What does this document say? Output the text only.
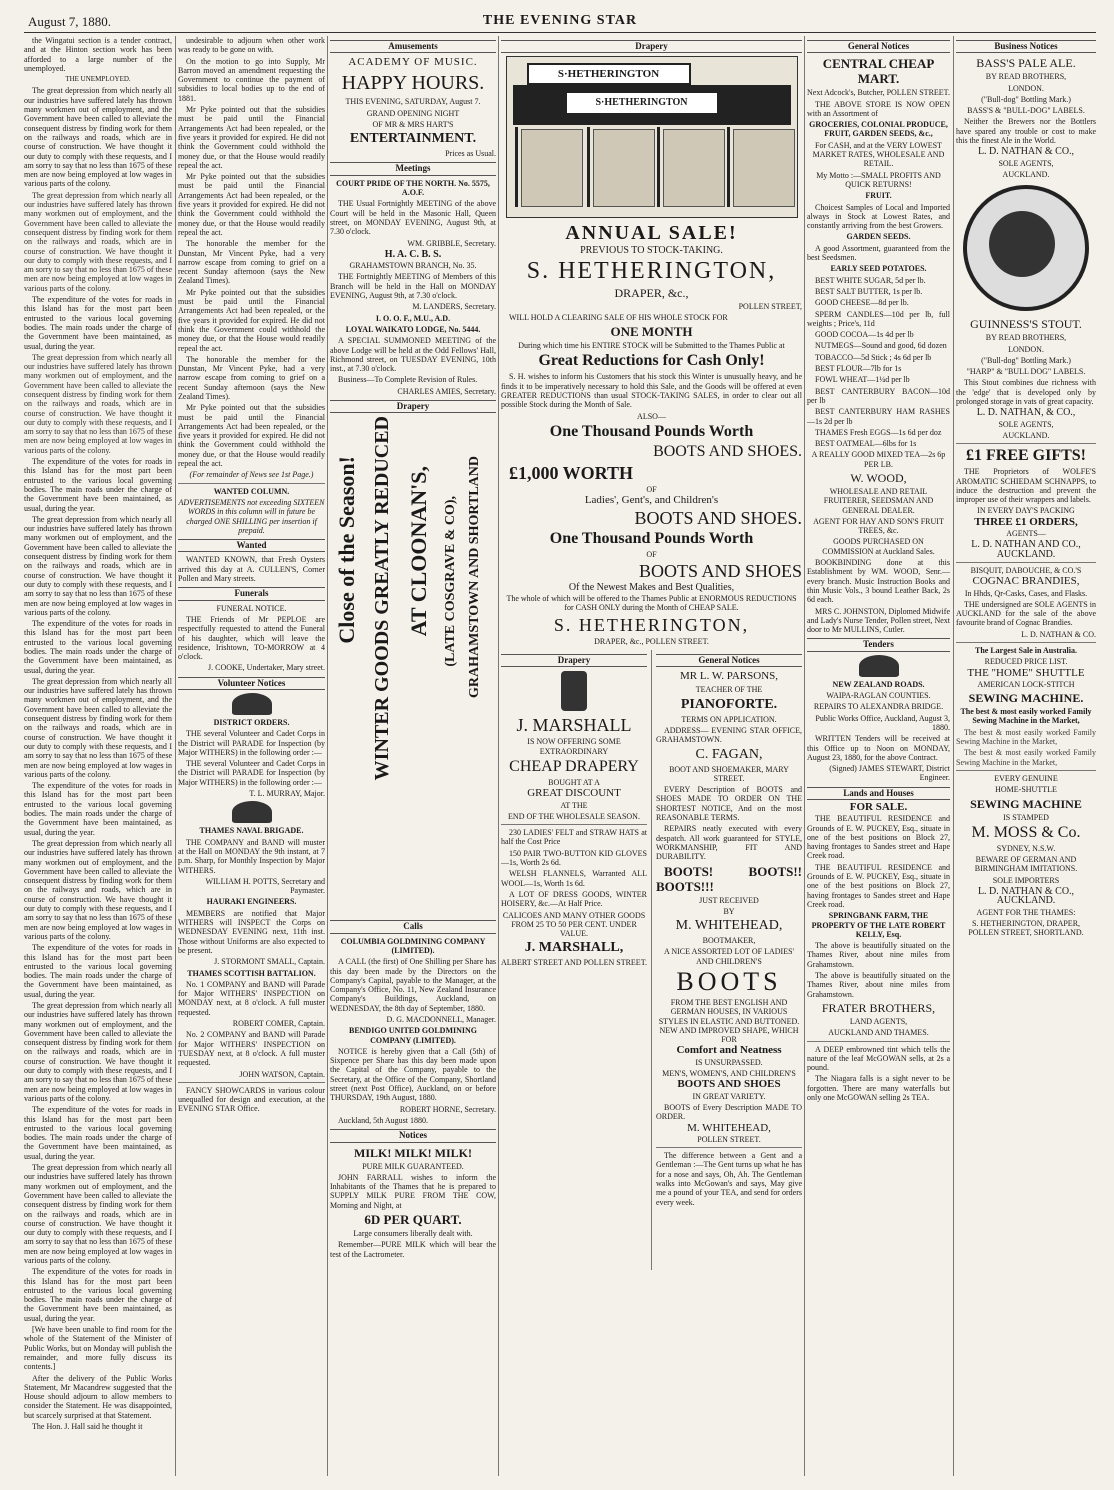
August 7, 1880.	THE EVENING STAR

the Wingatui section is a tender contract, and at the Hinton section work has been afforded to a large number of the unemployed.

THE UNEMPLOYED.

The great depression from which nearly all our industries have suffered lately has thrown many workmen out of employment, and the Government have been called to alleviate the consequent distress by finding work for them on the railways and roads, which are in course of construction. We have thought it our duty to comply with these requests, and I am sorry to say that no less than 1675 of these men are now being employed at low wages in various parts of the colony.

The great depression from which nearly all our industries have suffered lately has thrown many workmen out of employment, and the Government have been called to alleviate the consequent distress by finding work for them on the railways and roads, which are in course of construction. We have thought it our duty to comply with these requests, and I am sorry to say that no less than 1675 of these men are now being employed at low wages in various parts of the colony.

The expenditure of the votes for roads in this Island has for the most part been entrusted to the various local governing bodies. The main roads under the charge of the Government have been maintained, as usual, during the year.

The great depression from which nearly all our industries have suffered lately has thrown many workmen out of employment, and the Government have been called to alleviate the consequent distress by finding work for them on the railways and roads, which are in course of construction. We have thought it our duty to comply with these requests, and I am sorry to say that no less than 1675 of these men are now being employed at low wages in various parts of the colony.

The expenditure of the votes for roads in this Island has for the most part been entrusted to the various local governing bodies. The main roads under the charge of the Government have been maintained, as usual, during the year.

The great depression from which nearly all our industries have suffered lately has thrown many workmen out of employment, and the Government have been called to alleviate the consequent distress by finding work for them on the railways and roads, which are in course of construction. We have thought it our duty to comply with these requests, and I am sorry to say that no less than 1675 of these men are now being employed at low wages in various parts of the colony.

The expenditure of the votes for roads in this Island has for the most part been entrusted to the various local governing bodies. The main roads under the charge of the Government have been maintained, as usual, during the year.

The great depression from which nearly all our industries have suffered lately has thrown many workmen out of employment, and the Government have been called to alleviate the consequent distress by finding work for them on the railways and roads, which are in course of construction. We have thought it our duty to comply with these requests, and I am sorry to say that no less than 1675 of these men are now being employed at low wages in various parts of the colony.

The expenditure of the votes for roads in this Island has for the most part been entrusted to the various local governing bodies. The main roads under the charge of the Government have been maintained, as usual, during the year.

The great depression from which nearly all our industries have suffered lately has thrown many workmen out of employment, and the Government have been called to alleviate the consequent distress by finding work for them on the railways and roads, which are in course of construction. We have thought it our duty to comply with these requests, and I am sorry to say that no less than 1675 of these men are now being employed at low wages in various parts of the colony.

The expenditure of the votes for roads in this Island has for the most part been entrusted to the various local governing bodies. The main roads under the charge of the Government have been maintained, as usual, during the year.

The great depression from which nearly all our industries have suffered lately has thrown many workmen out of employment, and the Government have been called to alleviate the consequent distress by finding work for them on the railways and roads, which are in course of construction. We have thought it our duty to comply with these requests, and I am sorry to say that no less than 1675 of these men are now being employed at low wages in various parts of the colony.

The expenditure of the votes for roads in this Island has for the most part been entrusted to the various local governing bodies. The main roads under the charge of the Government have been maintained, as usual, during the year.

The great depression from which nearly all our industries have suffered lately has thrown many workmen out of employment, and the Government have been called to alleviate the consequent distress by finding work for them on the railways and roads, which are in course of construction. We have thought it our duty to comply with these requests, and I am sorry to say that no less than 1675 of these men are now being employed at low wages in various parts of the colony.

The expenditure of the votes for roads in this Island has for the most part been entrusted to the various local governing bodies. The main roads under the charge of the Government have been maintained, as usual, during the year.

[We have been unable to find room for the whole of the Statement of the Minister of Public Works, but on Monday will publish the remainder, and more fully discuss its contents.]

After the delivery of the Public Works Statement, Mr Macandrew suggested that the House should adjourn to allow members to consider the Statement. He was disappointed, but scarcely surprised at that Statement.

The Hon. J. Hall said he thought it

undesirable to adjourn when other work was ready to be gone on with.

On the motion to go into Supply, Mr Barron moved an amendment requesting the Government to continue the payment of subsidies to local bodies up to the end of 1881.

Mr Pyke pointed out that the subsidies must be paid until the Financial Arrangements Act had been repealed, or the five years it provided for expired. He did not think the Government could withhold the money due, or that the House would readily repeal the act.

Mr Pyke pointed out that the subsidies must be paid until the Financial Arrangements Act had been repealed, or the five years it provided for expired. He did not think the Government could withhold the money due, or that the House would readily repeal the act.

The honorable the member for the Dunstan, Mr Vincent Pyke, had a very narrow escape from coming to grief on a recent Sunday afternoon (says the New Zealand Times).

Mr Pyke pointed out that the subsidies must be paid until the Financial Arrangements Act had been repealed, or the five years it provided for expired. He did not think the Government could withhold the money due, or that the House would readily repeal the act.

The honorable the member for the Dunstan, Mr Vincent Pyke, had a very narrow escape from coming to grief on a recent Sunday afternoon (says the New Zealand Times).

Mr Pyke pointed out that the subsidies must be paid until the Financial Arrangements Act had been repealed, or the five years it provided for expired. He did not think the Government could withhold the money due, or that the House would readily repeal the act.

(For remainder of News see 1st Page.)

WANTED COLUMN.

ADVERTISEMENTS not exceeding SIXTEEN WORDS in this column will in future be charged ONE SHILLING per insertion if prepaid.

Wanted

WANTED KNOWN, that Fresh Oysters arrived this day at A. CULLEN'S, Corner Pollen and Mary streets.

Funerals

FUNERAL NOTICE.

THE Friends of Mr PEPLOE are respectfully requested to attend the Funeral of his daughter, which will leave the residence, Irishtown, TO-MORROW at 4 o'clock.

J. COOKE, Undertaker, Mary street.

Volunteer Notices

DISTRICT ORDERS.

THE several Volunteer and Cadet Corps in the District will PARADE for Inspection (by Major WITHERS) in the following order :—

THE several Volunteer and Cadet Corps in the District will PARADE for Inspection (by Major WITHERS) in the following order :—

T. L. MURRAY, Major.

THAMES NAVAL BRIGADE.

THE COMPANY and BAND will muster at the Hall on MONDAY the 9th instant, at 7 p.m. Sharp, for Monthly Inspection by Major WITHERS.

WILLIAM H. POTTS, Secretary and Paymaster.

HAURAKI ENGINEERS.

MEMBERS are notified that Major WITHERS will INSPECT the Corps on WEDNESDAY EVENING next, 11th inst. Those without Uniforms are also expected to be present.

J. STORMONT SMALL, Captain.

THAMES SCOTTISH BATTALION.

No. 1 COMPANY and BAND will Parade for Major WITHERS' INSPECTION on MONDAY next, at 8 o'clock. A full muster requested.

ROBERT COMER, Captain.

No. 2 COMPANY and BAND will Parade for Major WITHERS' INSPECTION on TUESDAY next, at 8 o'clock. A full muster requested.

JOHN WATSON, Captain.

FANCY SHOWCARDS in various colour unequalled for design and execution, at the EVENING STAR Office.

Amusements

ACADEMY OF MUSIC.

HAPPY HOURS.

THIS EVENING, SATURDAY, August 7.

GRAND OPENING NIGHT

OF MR & MRS HART'S

ENTERTAINMENT.

Prices as Usual.

Meetings

COURT PRIDE OF THE NORTH. No. 5575, A.O.F.

THE Usual Fortnightly MEETING of the above Court will be held in the Masonic Hall, Queen street, on MONDAY EVENING, August 9th, at 7.30 o'clock.

WM. GRIBBLE, Secretary.

H. A. C. B. S.

GRAHAMSTOWN BRANCH, No. 35.

THE Fortnightly MEETING of Members of this Branch will be held in the Hall on MONDAY EVENING, August 9th, at 7.30 o'clock.

M. LANDERS, Secretary.

I. O. O. F., M.U., A.D.

LOYAL WAIKATO LODGE, No. 5444.

A SPECIAL SUMMONED MEETING of the above Lodge will be held at the Odd Fellows' Hall, Richmond street, on TUESDAY EVENING, 10th inst., at 7.30 o'clock.

Business—To Complete Revision of Rules.

CHARLES AMIES, Secretary.

Drapery
Close of the Season! WINTER GOODS GREATLY REDUCED AT CLOONAN'S, (LATE COSGRAVE & CO), GRAHAMSTOWN AND SHORTLAND
Calls

COLUMBIA GOLDMINING COMPANY (LIMITED).

A CALL (the first) of One Shilling per Share has this day been made by the Directors on the Company's Capital, payable to the Manager, at the Company's Office, No. 11, New Zealand Insurance Company's Buildings, Auckland, on WEDNESDAY, the 8th day of September, 1880.

D. G. MACDONNELL, Manager.

BENDIGO UNITED GOLDMINING COMPANY (LIMITED).

NOTICE is hereby given that a Call (5th) of Sixpence per Share has this day been made upon the Capital of the Company, payable to the Secretary, at the Office of the Company, Shortland street (next Post Office), Auckland, on or before THURSDAY, 19th August, 1880.

ROBERT HORNE, Secretary.

Auckland, 5th August 1880.

Notices

MILK! MILK! MILK!

PURE MILK GUARANTEED.

JOHN FARRALL wishes to inform the Inhabitants of the Thames that he is prepared to SUPPLY MILK PURE FROM THE COW, Morning and Night, at

6D PER QUART.

Large consumers liberally dealt with.

Remember—PURE MILK which will bear the test of the Lactrometer.

Drapery
S·HETHERINGTON
S·HETHERINGTON

ANNUAL SALE!

PREVIOUS TO STOCK-TAKING.

S. HETHERINGTON,

DRAPER, &c.,

POLLEN STREET,

WILL HOLD A CLEARING SALE OF HIS WHOLE STOCK FOR

ONE MONTH

During which time his ENTIRE STOCK will be Submitted to the Thames Public at

Great Reductions for Cash Only!

S. H. wishes to inform his Customers that his stock this Winter is unusually heavy, and he finds it to be imperatively necessary to hold this Sale, and the Goods will be offered at even GREATER REDUCTIONS than usual STOCK-TAKING SALES, in order to clear out all possible Stock during the Month of Sale.

ALSO—

One Thousand Pounds Worth

BOOTS AND SHOES.

£1,000 WORTH

OF

Ladies', Gent's, and Children's

BOOTS AND SHOES.

One Thousand Pounds Worth

OF

BOOTS AND SHOES

Of the Newest Makes and Best Qualities,

The whole of which will be offered to the Thames Public at ENORMOUS REDUCTIONS for CASH ONLY during the Month of CHEAP SALE.

S. HETHERINGTON,

DRAPER, &c., POLLEN STREET.

Drapery

J. MARSHALL

IS NOW OFFERING SOME EXTRAORDINARY

CHEAP DRAPERY

BOUGHT AT A

GREAT DISCOUNT

AT THE

END OF THE WHOLESALE SEASON.

230 LADIES' FELT and STRAW HATS at half the Cost Price

150 PAIR TWO-BUTTON KID GLOVES—1s, Worth 2s 6d.

WELSH FLANNELS, Warranted ALL WOOL—1s, Worth 1s 6d.

A LOT OF DRESS GOODS, WINTER HOISERY, &c.—At Half Price.

CALICOES AND MANY OTHER GOODS FROM 25 TO 50 PER CENT. UNDER VALUE.

J. MARSHALL,

ALBERT STREET AND POLLEN STREET.

General Notices

MR L. W. PARSONS,

TEACHER OF THE

PIANOFORTE.

TERMS ON APPLICATION.

ADDRESS— EVENING STAR OFFICE, GRAHAMSTOWN.

C. FAGAN,

BOOT AND SHOEMAKER, MARY STREET.

EVERY Description of BOOTS and SHOES MADE TO ORDER ON THE SHORTEST NOTICE, And on the most REASONABLE TERMS.

REPAIRS neatly executed with every despatch. All work guaranteed for STYLE, WORKMANSHIP, FIT AND DURABILITY.

BOOTS! BOOTS!! BOOTS!!!

JUST RECEIVED

BY

M. WHITEHEAD,

BOOTMAKER,

A NICE ASSORTED LOT OF LADIES' AND CHILDREN'S

BOOTS

FROM THE BEST ENGLISH AND GERMAN HOUSES, IN VARIOUS STYLES IN ELASTIC AND BUTTONED. NEW AND IMPROVED SHAPE, WHICH FOR

Comfort and Neatness

IS UNSURPASSED.

MEN'S, WOMEN'S, AND CHILDREN'S

BOOTS AND SHOES

IN GREAT VARIETY.

BOOTS of Every Description MADE TO ORDER.

M. WHITEHEAD,

POLLEN STREET.

The difference between a Gent and a Gentleman :—The Gent turns up what he has for a nose and says, Oh, Ah. The Gentleman walks into McGowan's and says, May give me a pound of your TEA, and send for orders every week.

General Notices

CENTRAL CHEAP MART.

Next Adcock's, Butcher, POLLEN STREET.

THE ABOVE STORE IS NOW OPEN with an Assortment of

GROCERIES, COLONIAL PRODUCE, FRUIT, GARDEN SEEDS, &c.,

For CASH, and at the VERY LOWEST MARKET RATES, WHOLESALE AND RETAIL.

My Motto :—SMALL PROFITS AND QUICK RETURNS!

FRUIT.

Choicest Samples of Local and Imported always in Stock at Lowest Rates, and constantly arriving from the best Growers.

GARDEN SEEDS.

A good Assortment, guaranteed from the best Seedsmen.

EARLY SEED POTATOES.

BEST WHITE SUGAR, 5d per lb.

BEST SALT BUTTER, 1s per lb.

GOOD CHEESE—8d per lb.

SPERM CANDLES—10d per lb, full weights ; Price's, 11d

GOOD COCOA—1s 4d per lb

NUTMEGS—Sound and good, 6d dozen

TOBACCO—5d Stick ; 4s 6d per lb

BEST FLOUR—7lb for 1s

FOWL WHEAT—1¼d per lb

BEST CANTERBURY BACON—10d per lb

BEST CANTERBURY HAM RASHES—1s 2d per lb

THAMES Fresh EGGS—1s 6d per doz

BEST OATMEAL—6lbs for 1s

A REALLY GOOD MIXED TEA—2s 6p PER LB.

W. WOOD,

WHOLESALE AND RETAIL FRUITERER, SEEDSMAN AND GENERAL DEALER.

AGENT FOR HAY AND SON'S FRUIT TREES, &c.

GOODS PURCHASED ON COMMISSION at Auckland Sales.

BOOKBINDING done at this Establishment by WM. WOOD, Senr.—every branch. Music Instruction Books and thin Music Vols., 3 bound Leather Back, 2s 6d each.

MRS C. JOHNSTON, Diplomed Midwife and Lady's Nurse Tender, Pollen street, Next door to Mr MULLINS, Cutler.

Tenders

NEW ZEALAND ROADS.

WAIPA-RAGLAN COUNTIES.

REPAIRS TO ALEXANDRA BRIDGE.

Public Works Office, Auckland, August 3, 1880.

WRITTEN Tenders will be received at this Office up to Noon on MONDAY, August 23, 1880, for the above Contract.

(Signed) JAMES STEWART, District Engineer.

Lands and Houses

FOR SALE.

THE BEAUTIFUL RESIDENCE and Grounds of E. W. PUCKEY, Esq., situate in one of the best positions on Block 27, having frontages to Sandes street and Hape Creek road.

THE BEAUTIFUL RESIDENCE and Grounds of E. W. PUCKEY, Esq., situate in one of the best positions on Block 27, having frontages to Sandes street and Hape Creek road.

SPRINGBANK FARM, THE PROPERTY OF THE LATE ROBERT KELLY, Esq.

The above is beautifully situated on the Thames River, about nine miles from Grahamstown.

The above is beautifully situated on the Thames River, about nine miles from Grahamstown.

FRATER BROTHERS,

LAND AGENTS,

AUCKLAND AND THAMES.

A DEEP embrowned tint which tells the nature of the leaf McGOWAN sells, at 2s a pound.

The Niagara falls is a sight never to be forgotten. There are many waterfalls but only one McGOWAN selling 2s TEA.

Business Notices

BASS'S PALE ALE.

BY READ BROTHERS,

LONDON.

("Bull-dog" Bottling Mark.)

BASS'S & "BULL-DOG" LABELS.

Neither the Brewers nor the Bottlers have spared any trouble or cost to make this the finest Ale in the World.

L. D. NATHAN & CO.,

SOLE AGENTS,

AUCKLAND.

GUINNESS'S STOUT.

BY READ BROTHERS,

LONDON.

("Bull-dog" Bottling Mark.)

"HARP" & "BULL DOG" LABELS.

This Stout combines due richness with the 'edge' that is developed only by prolonged storage in vats of great capacity.

L. D. NATHAN, & CO.,

SOLE AGENTS,

AUCKLAND.

£1 FREE GIFTS!

THE Proprietors of WOLFE'S AROMATIC SCHIEDAM SCHNAPPS, to induce the destruction and prevent the improper use of their wrappers and labels.

IN EVERY DAY'S PACKING

THREE £1 ORDERS,

AGENTS—

L. D. NATHAN AND CO., AUCKLAND.

BISQUIT, DABOUCHE, & CO.'S

COGNAC BRANDIES,

In Hhds, Qr-Casks, Cases, and Flasks.

THE undersigned are SOLE AGENTS in AUCKLAND for the sale of the above favourite brand of Cognac Brandies.

L. D. NATHAN & CO.

The Largest Sale in Australia.

REDUCED PRICE LIST.

THE "HOME" SHUTTLE

AMERICAN LOCK-STITCH

SEWING MACHINE.

The best & most easily worked Family Sewing Machine in the Market,

The best & most easily worked Family Sewing Machine in the Market,

The best & most easily worked Family Sewing Machine in the Market,

EVERY GENUINE

HOME-SHUTTLE

SEWING MACHINE

IS STAMPED

M. MOSS & Co.

SYDNEY, N.S.W.

BEWARE OF GERMAN AND BIRMINGHAM IMITATIONS.

SOLE IMPORTERS

L. D. NATHAN & CO., AUCKLAND.

AGENT FOR THE THAMES:

S. HETHERINGTON, DRAPER, POLLEN STREET, SHORTLAND.
